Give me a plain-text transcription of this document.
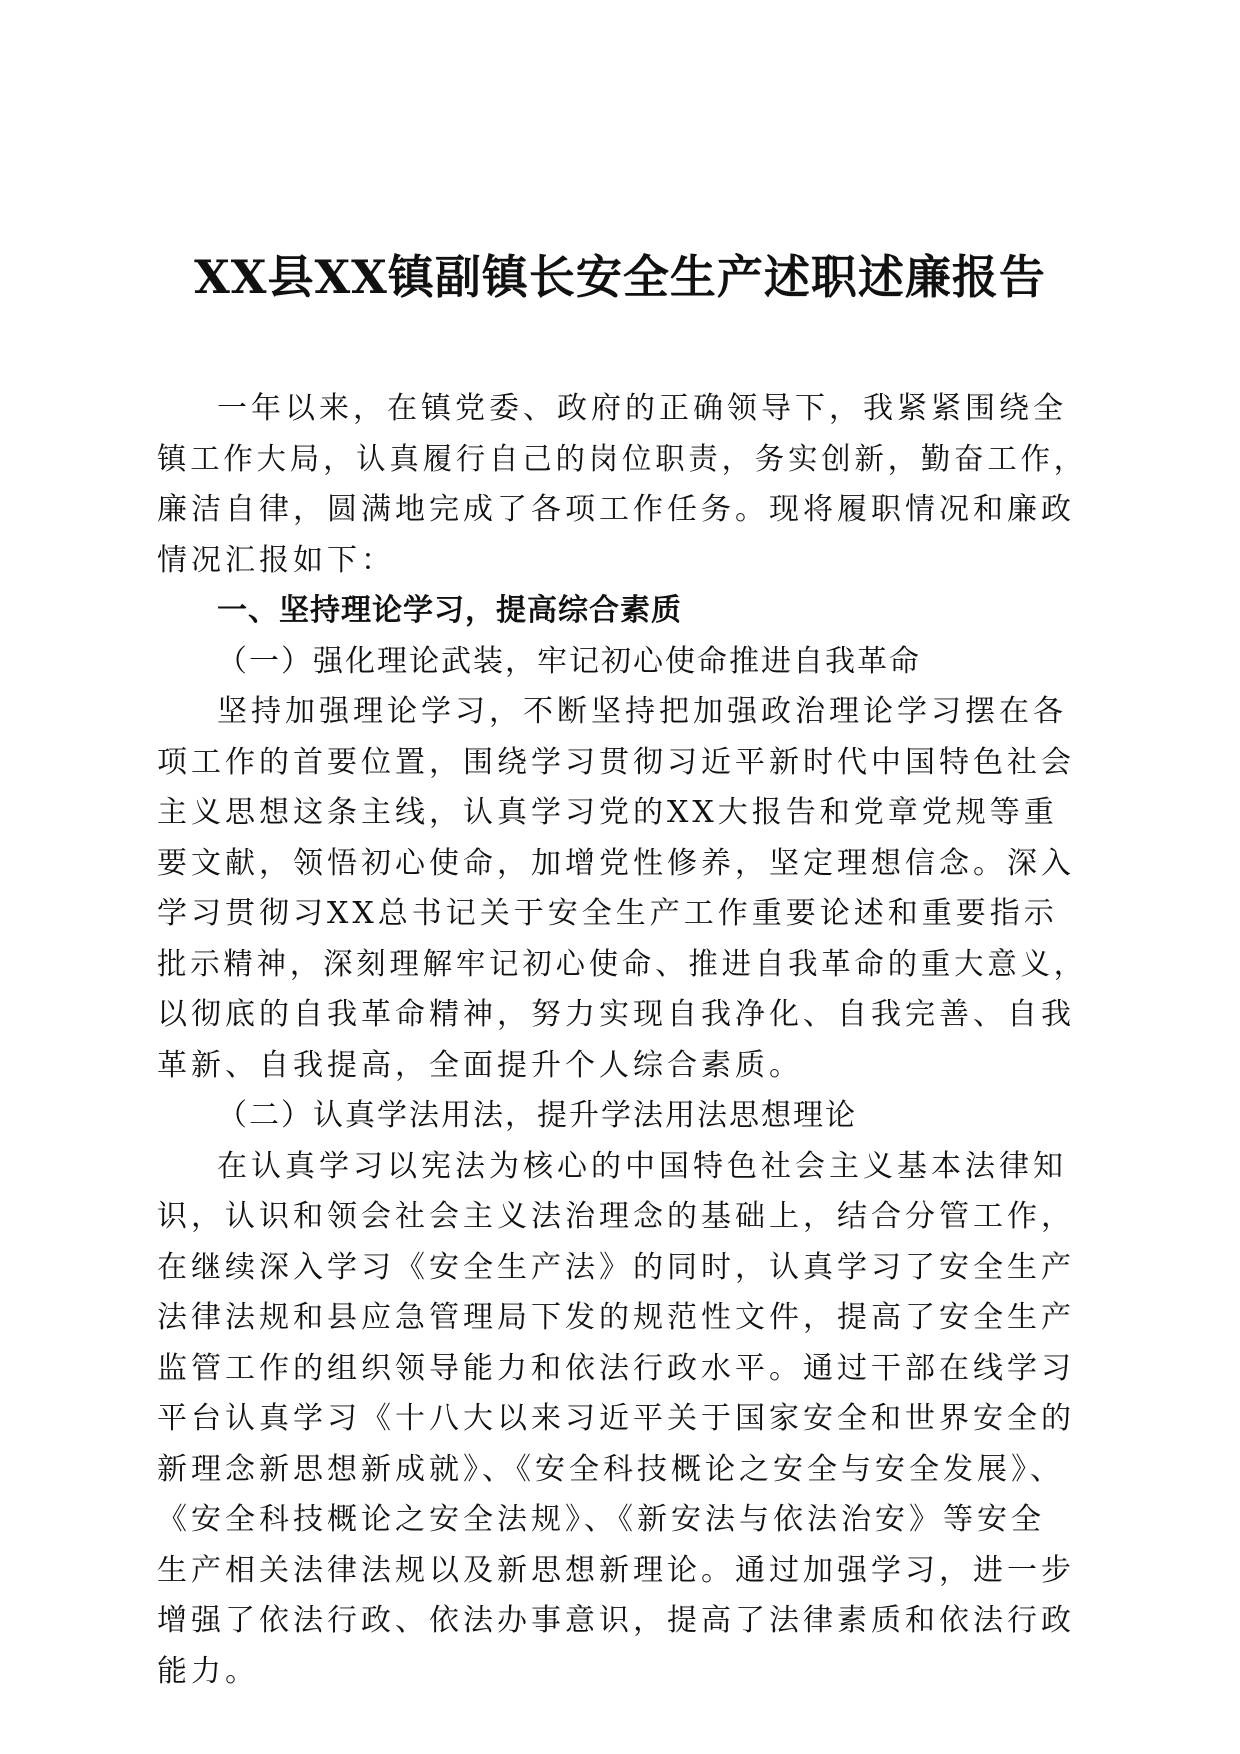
XX县XX镇副镇长安全生产述职述廉报告
一年以来，在镇党委、政府的正确领导下，我紧紧围绕全
镇工作大局，认真履行自己的岗位职责，务实创新，勤奋工作，
廉洁自律，圆满地完成了各项工作任务。现将履职情况和廉政
情况汇报如下：
一、坚持理论学习，提高综合素质
（一）强化理论武装，牢记初心使命推进自我革命
坚持加强理论学习，不断坚持把加强政治理论学习摆在各
项工作的首要位置，围绕学习贯彻习近平新时代中国特色社会
主义思想这条主线，认真学习党的XX大报告和党章党规等重
要文献，领悟初心使命，加增党性修养，坚定理想信念。深入
学习贯彻习XX总书记关于安全生产工作重要论述和重要指示
批示精神，深刻理解牢记初心使命、推进自我革命的重大意义，
以彻底的自我革命精神，努力实现自我净化、自我完善、自我
革新、自我提高，全面提升个人综合素质。
（二）认真学法用法，提升学法用法思想理论
在认真学习以宪法为核心的中国特色社会主义基本法律知
识，认识和领会社会主义法治理念的基础上，结合分管工作，
在继续深入学习《安全生产法》的同时，认真学习了安全生产
法律法规和县应急管理局下发的规范性文件，提高了安全生产
监管工作的组织领导能力和依法行政水平。通过干部在线学习
平台认真学习《十八大以来习近平关于国家安全和世界安全的
新理念新思想新成就》、《安全科技概论之安全与安全发展》、
《安全科技概论之安全法规》、《新安法与依法治安》等安全
生产相关法律法规以及新思想新理论。通过加强学习，进一步
增强了依法行政、依法办事意识，提高了法律素质和依法行政
能力。
